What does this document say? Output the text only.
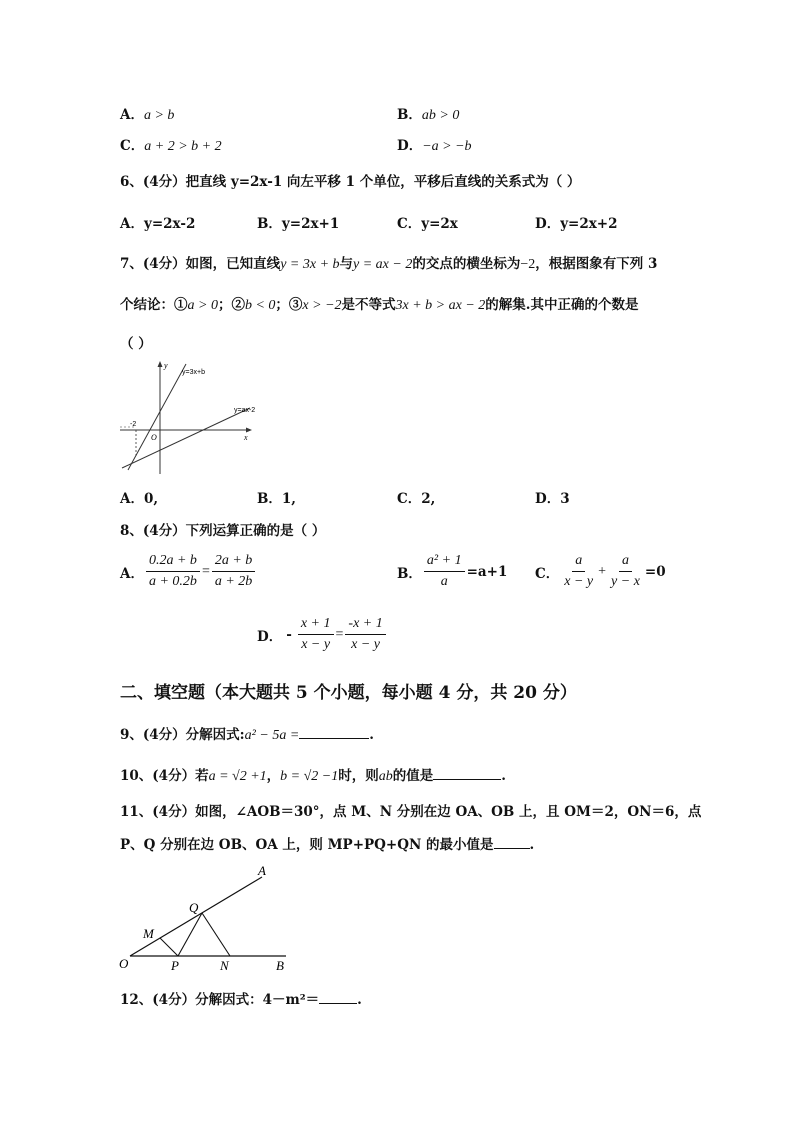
A．a > b	B．ab > 0
C．a + 2 > b + 2	D．−a > −b
6、(4分）把直线 y=2x-1 向左平移 1 个单位，平移后直线的关系式为（ ）
A．y=2x-2	B．y=2x+1	C．y=2x	D．y=2x+2
7、(4分）如图，已知直线y = 3x + b与y = ax − 2的交点的横坐标为−2，根据图象有下列 3
个结论：①a > 0；②b < 0；③x > −2是不等式3x + b > ax − 2的解集.其中正确的个数是
（ ）
y=3x+b
y=ax-2
x
y
O
-2
A．0,	B．1,	C．2,	D．3
8、(4分）下列运算正确的是（ ）
A． $\frac{0.2a + b}{a + 0.2b} = \frac{2a + b}{a + 2b}$	B． $\frac{\text{a² + 1}}{a} =a+1$ C． $\frac{a}{x - y} + \frac{a}{y - x} =0$
D． - $\frac{x + 1}{x - y} = \frac{-x + 1}{x - y}$
二、填空题（本大题共 5 个小题，每小题 4 分，共 20 分）
9、(4分）分解因式:a² − 5a =	.
10、(4分）若a = √2 +1，b = √2 −1时，则ab的值是	.
11、(4分）如图，∠AOB＝30°，点 M、N 分别在边 OA、OB 上，且 OM＝2，ON＝6，点
P、Q 分别在边 OB、OA 上，则 MP+PQ+QN 的最小值是	.
A
B
O
M
N
P
Q
12、(4分）分解因式：4－m²＝	.
